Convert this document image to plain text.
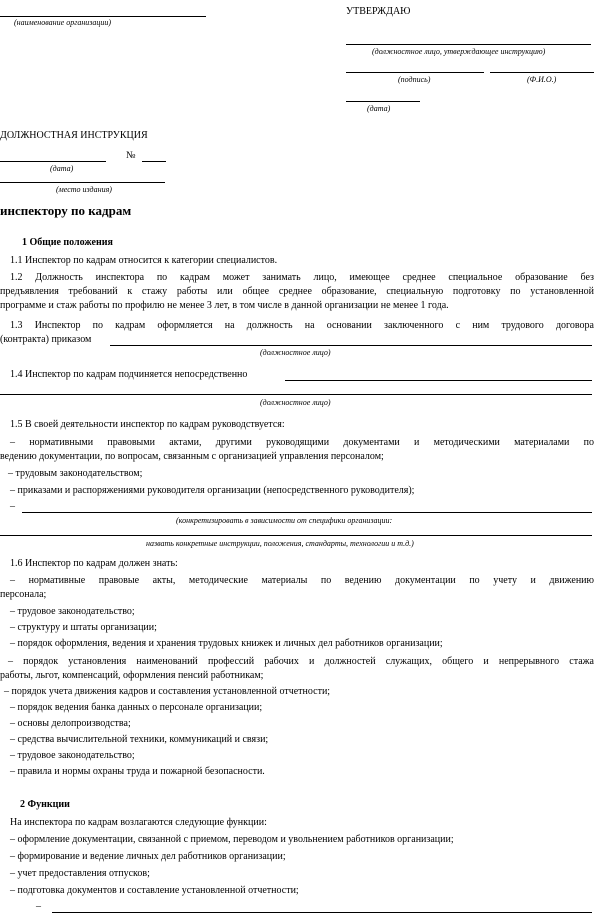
(наименование организации)
УТВЕРЖДАЮ
(должностное лицо, утверждающее инструкцию)
(подпись)	(Ф.И.О.)
(дата)
ДОЛЖНОСТНАЯ ИНСТРУКЦИЯ
№
(дата)
(место издания)
инспектору по кадрам
1 Общие положения
1.1 Инспектор по кадрам относится к категории специалистов.
1.2 Должность инспектора по кадрам может занимать лицо, имеющее среднее специальное образование без
предъявления требований к стажу работы или общее среднее образование, специальную подготовку по установленной
программе и стаж работы по профилю не менее 3 лет, в том числе в данной организации не менее 1 года.
1.3 Инспектор по кадрам оформляется на должность на основании заключенного с ним трудового договора
(контракта) приказом
(должностное лицо)
1.4 Инспектор по кадрам подчиняется непосредственно
(должностное лицо)
1.5 В своей деятельности инспектор по кадрам руководствуется:
– нормативными правовыми актами, другими руководящими документами и методическими материалами по
ведению документации, по вопросам, связанным с организацией управления персоналом;
– трудовым законодательством;
– приказами и распоряжениями руководителя организации (непосредственного руководителя);
–
(конкретизировать в зависимости от специфики организации:
назвать конкретные инструкции, положения, стандарты, технологии и т.д.)
1.6 Инспектор по кадрам должен знать:
– нормативные правовые акты, методические материалы по ведению документации по учету и движению
персонала;
– трудовое законодательство;
– структуру и штаты организации;
– порядок оформления, ведения и хранения трудовых книжек и личных дел работников организации;
– порядок установления наименований профессий рабочих и должностей служащих, общего и непрерывного стажа
работы, льгот, компенсаций, оформления пенсий работникам;
– порядок учета движения кадров и составления установленной отчетности;
– порядок ведения банка данных о персонале организации;
– основы делопроизводства;
– средства вычислительной техники, коммуникаций и связи;
– трудовое законодательство;
– правила и нормы охраны труда и пожарной безопасности.
2 Функции
На инспектора по кадрам возлагаются следующие функции:
– оформление документации, связанной с приемом, переводом и увольнением работников организации;
– формирование и ведение личных дел работников организации;
– учет предоставления отпусков;
– подготовка документов и составление установленной отчетности;
–
